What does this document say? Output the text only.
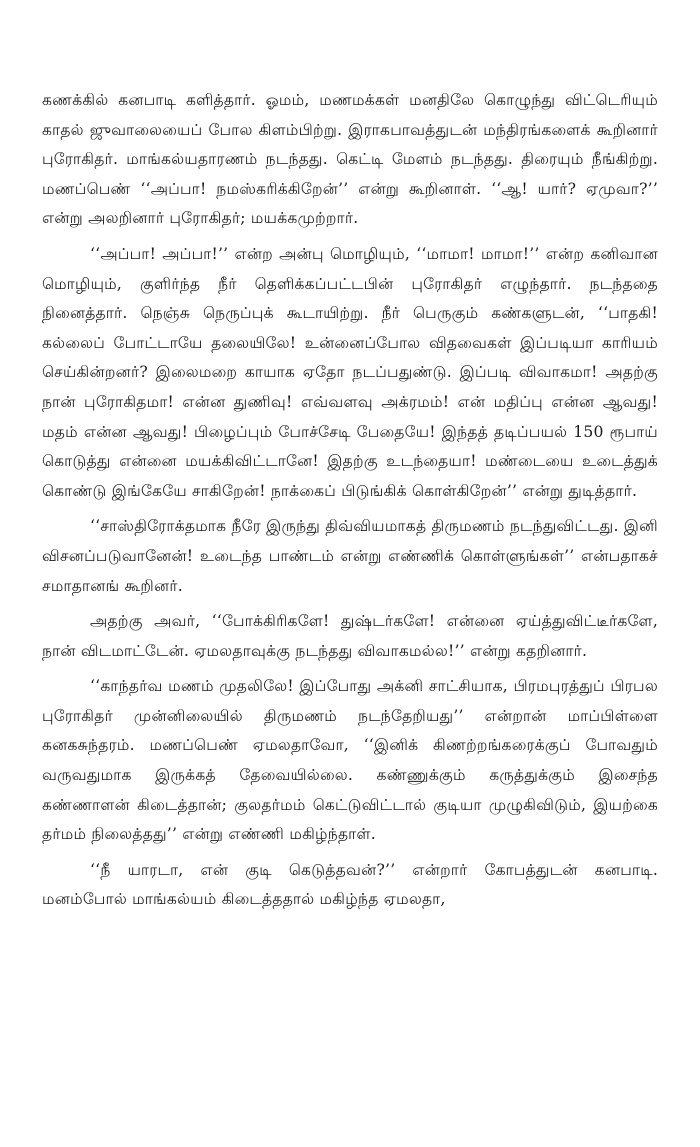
கணக்கில் கனபாடி களித்தார். ஓமம், மணமக்கள் மனதிலே கொழுந்து விட்டெரியும் காதல் ஜுவாலையைப் போல கிளம்பிற்று. இராகபாவத்துடன் மந்திரங்களைக் கூறினார் புரோகிதர். மாங்கல்யதாரணம் நடந்தது. கெட்டி மேளம் நடந்தது. திரையும் நீங்கிற்று. மணப்பெண் ‘‘அப்பா! நமஸ்கரிக்கிறேன்’’ என்று கூறினாள். ‘‘ஆ! யார்? ஏமுவா?’’ என்று அலறினார் புரோகிதர்; மயக்கமுற்றார்.

‘‘அப்பா! அப்பா!’’ என்ற அன்பு மொழியும், ‘‘மாமா! மாமா!’’ என்ற கனிவான மொழியும், குளிர்ந்த நீர் தெளிக்கப்பட்டபின் புரோகிதர் எழுந்தார். நடந்ததை நினைத்தார். நெஞ்சு நெருப்புக் கூடாயிற்று. நீர் பெருகும் கண்களுடன், ‘‘பாதகி! கல்லைப் போட்டாயே தலையிலே! உன்னைப்போல விதவைகள் இப்படியா காரியம் செய்கின்றனர்? இலைமறை காயாக ஏதோ நடப்பதுண்டு. இப்படி விவாகமா! அதற்கு நான் புரோகிதமா! என்ன துணிவு! எவ்வளவு அக்ரமம்! என் மதிப்பு என்ன ஆவது! மதம் என்ன ஆவது! பிழைப்பும் போச்சேடி பேதையே! இந்தத் தடிப்பயல் 150 ரூபாய் கொடுத்து என்னை மயக்கிவிட்டானே! இதற்கு உடந்தையா! மண்டையை உடைத்துக் கொண்டு இங்கேயே சாகிறேன்! நாக்கைப் பிடுங்கிக் கொள்கிறேன்’’ என்று துடித்தார்.

‘‘சாஸ்திரோக்தமாக நீரே இருந்து திவ்வியமாகத் திருமணம் நடந்துவிட்டது. இனி விசனப்படுவானேன்! உடைந்த பாண்டம் என்று எண்ணிக் கொள்ளுங்கள்’’ என்பதாகச் சமாதானங் கூறினர்.

அதற்கு அவர், ‘‘போக்கிரிகளே! துஷ்டர்களே! என்னை ஏய்த்துவிட்டீர்களே, நான் விடமாட்டேன். ஏமலதாவுக்கு நடந்தது விவாகமல்ல!’’ என்று கதறினார்.

‘‘காந்தர்வ மணம் முதலிலே! இப்போது அக்னி சாட்சியாக, பிரமபுரத்துப் பிரபல புரோகிதர் முன்னிலையில் திருமணம் நடந்தேறியது’’ என்றான் மாப்பிள்ளை கனகசுந்தரம். மணப்பெண் ஏமலதாவோ, ‘‘இனிக் கிணற்றங்கரைக்குப் போவதும் வருவதுமாக இருக்கத் தேவையில்லை. கண்ணுக்கும் கருத்துக்கும் இசைந்த கண்ணாளன் கிடைத்தான்; குலதர்மம் கெட்டுவிட்டால் குடியா முழுகிவிடும், இயற்கை தர்மம் நிலைத்தது’’ என்று எண்ணி மகிழ்ந்தாள்.

‘‘நீ யாரடா, என் குடி கெடுத்தவன்?’’ என்றார் கோபத்துடன் கனபாடி. மனம்போல் மாங்கல்யம் கிடைத்ததால் மகிழ்ந்த ஏமலதா,
